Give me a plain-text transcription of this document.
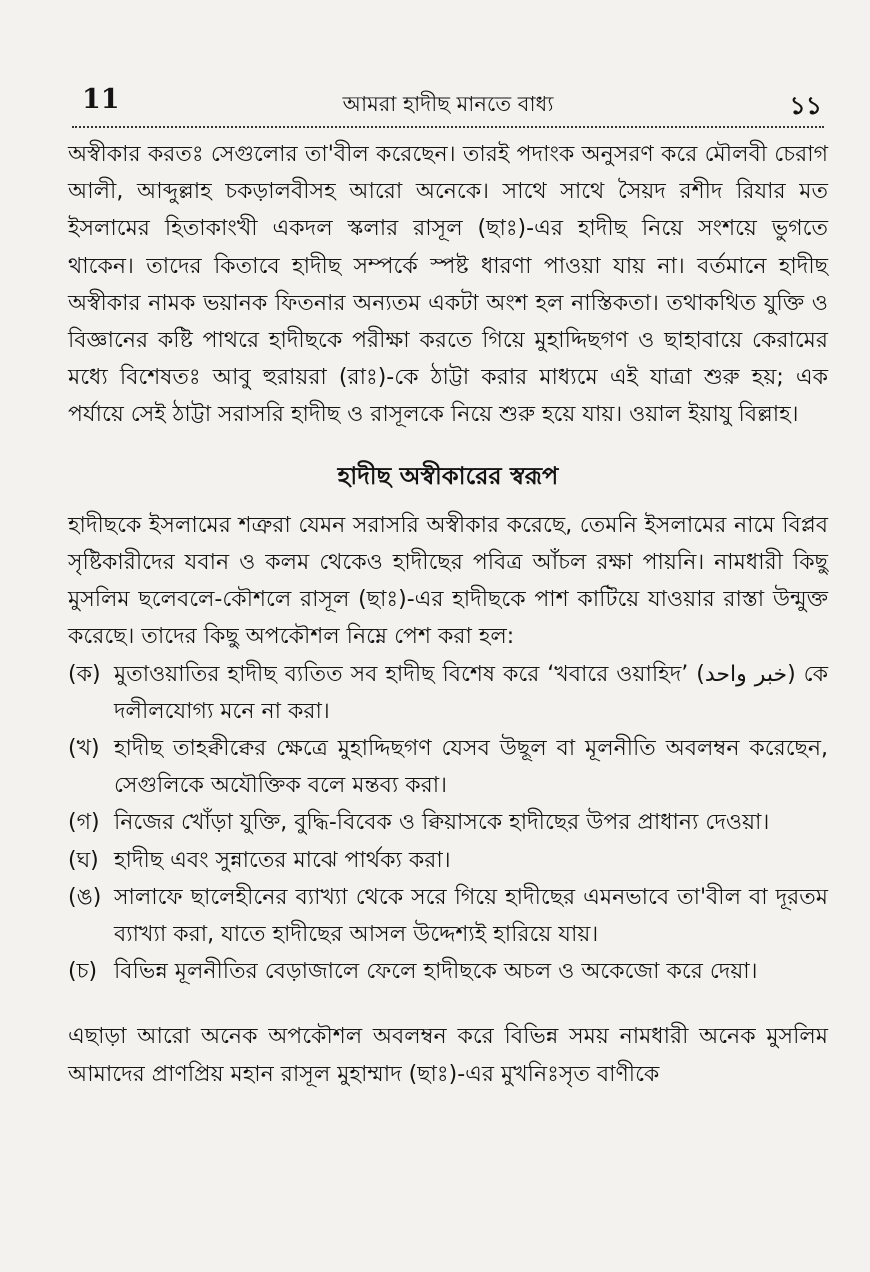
11	আমরা হাদীছ মানতে বাধ্য	১১

অস্বীকার করতঃ সেগুলোর তা'বীল করেছেন। তারই পদাংক অনুসরণ করে মৌলবী চেরাগ আলী, আব্দুল্লাহ চকড়ালবীসহ আরো অনেকে। সাথে সাথে সৈয়দ রশীদ রিযার মত ইসলামের হিতাকাংখী একদল স্কলার রাসূল (ছাঃ)-এর হাদীছ নিয়ে সংশয়ে ভুগতে থাকেন। তাদের কিতাবে হাদীছ সম্পর্কে স্পষ্ট ধারণা পাওয়া যায় না। বর্তমানে হাদীছ অস্বীকার নামক ভয়ানক ফিতনার অন্যতম একটা অংশ হল নাস্তিকতা। তথাকথিত যুক্তি ও বিজ্ঞানের কষ্টি পাথরে হাদীছকে পরীক্ষা করতে গিয়ে মুহাদ্দিছগণ ও ছাহাবায়ে কেরামের মধ্যে বিশেষতঃ আবু হুরায়রা (রাঃ)-কে ঠাট্টা করার মাধ্যমে এই যাত্রা শুরু হয়; এক পর্যায়ে সেই ঠাট্টা সরাসরি হাদীছ ও রাসূলকে নিয়ে শুরু হয়ে যায়। ওয়াল ইয়াযু বিল্লাহ।

হাদীছ অস্বীকারের স্বরূপ

হাদীছকে ইসলামের শত্রুরা যেমন সরাসরি অস্বীকার করেছে, তেমনি ইসলামের নামে বিপ্লব সৃষ্টিকারীদের যবান ও কলম থেকেও হাদীছের পবিত্র আঁচল রক্ষা পায়নি। নামধারী কিছু মুসলিম ছলেবলে-কৌশলে রাসূল (ছাঃ)-এর হাদীছকে পাশ কাটিয়ে যাওয়ার রাস্তা উন্মুক্ত করেছে। তাদের কিছু অপকৌশল নিম্নে পেশ করা হল:

(ক) মুতাওয়াতির হাদীছ ব্যতিত সব হাদীছ বিশেষ করে ‘খবারে ওয়াহিদ’ (خبر واحد) কে দলীলযোগ্য মনে না করা।
(খ) হাদীছ তাহক্বীক্বের ক্ষেত্রে মুহাদ্দিছগণ যেসব উছূল বা মূলনীতি অবলম্বন করেছেন, সেগুলিকে অযৌক্তিক বলে মন্তব্য করা।
(গ) নিজের খোঁড়া যুক্তি, বুদ্ধি-বিবেক ও ক্বিয়াসকে হাদীছের উপর প্রাধান্য দেওয়া।
(ঘ) হাদীছ এবং সুন্নাতের মাঝে পার্থক্য করা।
(ঙ) সালাফে ছালেহীনের ব্যাখ্যা থেকে সরে গিয়ে হাদীছের এমনভাবে তা'বীল বা দূরতম ব্যাখ্যা করা, যাতে হাদীছের আসল উদ্দেশ্যই হারিয়ে যায়।
(চ) বিভিন্ন মূলনীতির বেড়াজালে ফেলে হাদীছকে অচল ও অকেজো করে দেয়া।

এছাড়া আরো অনেক অপকৌশল অবলম্বন করে বিভিন্ন সময় নামধারী অনেক মুসলিম আমাদের প্রাণপ্রিয় মহান রাসূল মুহাম্মাদ (ছাঃ)-এর মুখনিঃসৃত বাণীকে
